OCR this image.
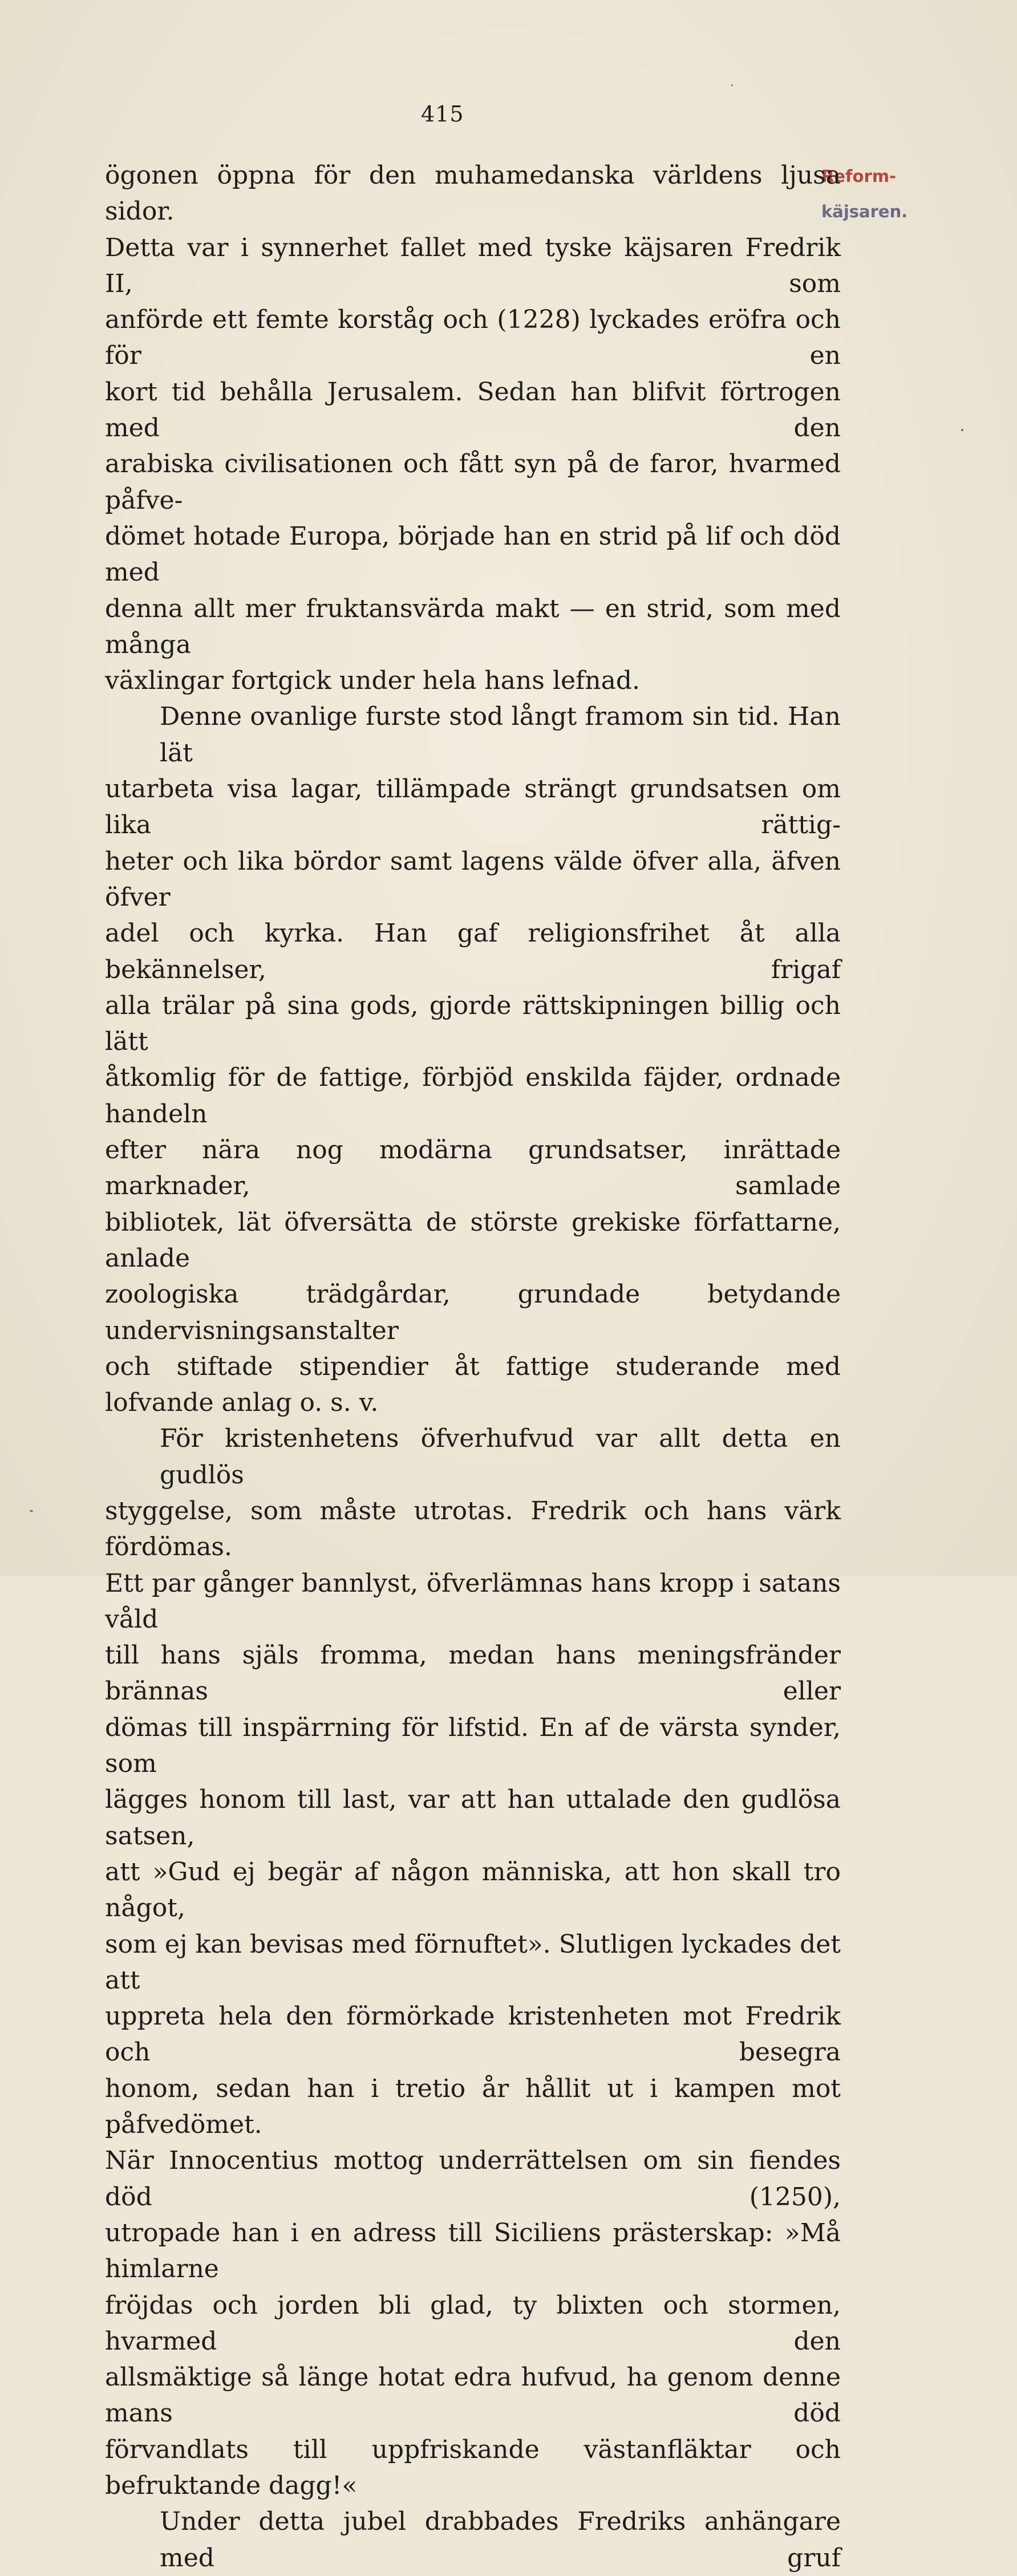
415
Reform-
käjsaren.
ögonen öppna för den muhamedanska världens ljusa sidor.
Detta var i synnerhet fallet med tyske käjsaren Fredrik II, som
anförde ett femte korståg och (1228) lyckades eröfra och för en
kort tid behålla Jerusalem. Sedan han blifvit förtrogen med den
arabiska civilisationen och fått syn på de faror, hvarmed påfve-
dömet hotade Europa, började han en strid på lif och död med
denna allt mer fruktansvärda makt — en strid, som med många
växlingar fortgick under hela hans lefnad.
Denne ovanlige furste stod långt framom sin tid. Han lät
utarbeta visa lagar, tillämpade strängt grundsatsen om lika rättig-
heter och lika bördor samt lagens välde öfver alla, äfven öfver
adel och kyrka. Han gaf religionsfrihet åt alla bekännelser, frigaf
alla trälar på sina gods, gjorde rättskipningen billig och lätt
åtkomlig för de fattige, förbjöd enskilda fäjder, ordnade handeln
efter nära nog modärna grundsatser, inrättade marknader, samlade
bibliotek, lät öfversätta de störste grekiske författarne, anlade
zoologiska trädgårdar, grundade betydande undervisningsanstalter
och stiftade stipendier åt fattige studerande med lofvande anlag o. s. v.
För kristenhetens öfverhufvud var allt detta en gudlös
styggelse, som måste utrotas. Fredrik och hans värk fördömas.
Ett par gånger bannlyst, öfverlämnas hans kropp i satans våld
till hans själs fromma, medan hans meningsfränder brännas eller
dömas till inspärrning för lifstid. En af de värsta synder, som
lägges honom till last, var att han uttalade den gudlösa satsen,
att »Gud ej begär af någon människa, att hon skall tro något,
som ej kan bevisas med förnuftet». Slutligen lyckades det att
uppreta hela den förmörkade kristenheten mot Fredrik och besegra
honom, sedan han i tretio år hållit ut i kampen mot påfvedömet.
När Innocentius mottog underrättelsen om sin fiendes död (1250),
utropade han i en adress till Siciliens prästerskap: »Må himlarne
fröjdas och jorden bli glad, ty blixten och stormen, hvarmed den
allsmäktige så länge hotat edra hufvud, ha genom denne mans död
förvandlats till uppfriskande västanfläktar och befruktande dagg!«
Under detta jubel drabbades Fredriks anhängare med gruf
